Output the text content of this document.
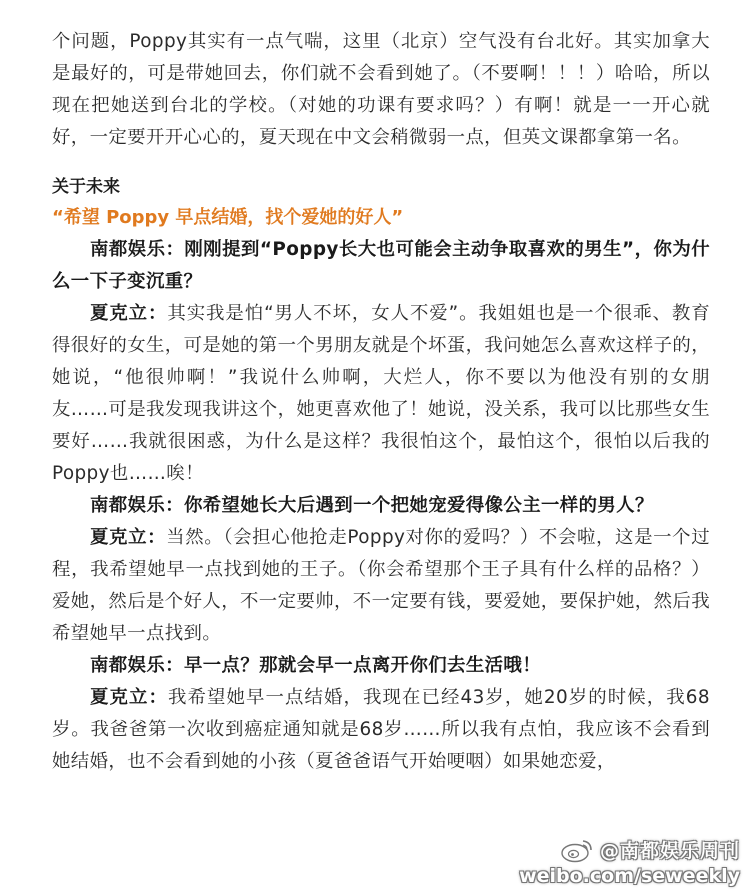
个问题，Poppy其实有一点气喘，这里（北京）空气没有台北好。其实加拿大是最好的，可是带她回去，你们就不会看到她了。（不要啊！！！）哈哈，所以现在把她送到台北的学校。（对她的功课有要求吗？）有啊！就是一一开心就好，一定要开开心心的，夏天现在中文会稍微弱一点，但英文课都拿第一名。

关于未来

“希望 Poppy 早点结婚，找个爱她的好人”

南都娱乐：刚刚提到“Poppy长大也可能会主动争取喜欢的男生”，你为什么一下子变沉重？

夏克立：其实我是怕“男人不坏，女人不爱”。我姐姐也是一个很乖、教育得很好的女生，可是她的第一个男朋友就是个坏蛋，我问她怎么喜欢这样子的，她说，“他很帅啊！”我说什么帅啊，大烂人，你不要以为他没有别的女朋友……可是我发现我讲这个，她更喜欢他了！她说，没关系，我可以比那些女生要好……我就很困惑，为什么是这样？我很怕这个，最怕这个，很怕以后我的Poppy也……唉！

南都娱乐：你希望她长大后遇到一个把她宠爱得像公主一样的男人？

夏克立：当然。（会担心他抢走Poppy对你的爱吗？）不会啦，这是一个过程，我希望她早一点找到她的王子。（你会希望那个王子具有什么样的品格？）爱她，然后是个好人，不一定要帅，不一定要有钱，要爱她，要保护她，然后我希望她早一点找到。

南都娱乐：早一点？那就会早一点离开你们去生活哦！

夏克立：我希望她早一点结婚，我现在已经43岁，她20岁的时候，我68岁。我爸爸第一次收到癌症通知就是68岁……所以我有点怕，我应该不会看到她结婚，也不会看到她的小孩（夏爸爸语气开始哽咽）如果她恋爱，

@南都娱乐周刊
weibo.com/seweekly
